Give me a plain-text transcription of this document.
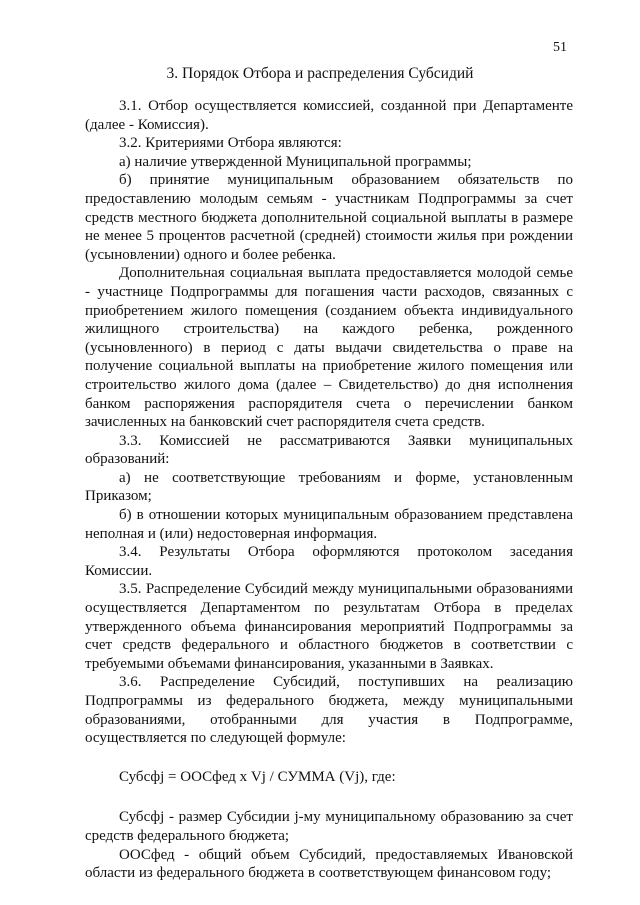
51
3. Порядок Отбора и распределения Субсидий

3.1. Отбор осуществляется комиссией, созданной при Департаменте (далее - Комиссия).

3.2. Критериями Отбора являются:

а) наличие утвержденной Муниципальной программы;

б) принятие муниципальным образованием обязательств по предоставлению молодым семьям - участникам Подпрограммы за счет средств местного бюджета дополнительной социальной выплаты в размере не менее 5 процентов расчетной (средней) стоимости жилья при рождении (усыновлении) одного и более ребенка.

Дополнительная социальная выплата предоставляется молодой семье - участнице Подпрограммы для погашения части расходов, связанных с приобретением жилого помещения (созданием объекта индивидуального жилищного строительства) на каждого ребенка, рожденного (усыновленного) в период с даты выдачи свидетельства о праве на получение социальной выплаты на приобретение жилого помещения или строительство жилого дома (далее – Свидетельство) до дня исполнения банком распоряжения распорядителя счета о перечислении банком зачисленных на банковский счет распорядителя счета средств.

3.3. Комиссией не рассматриваются Заявки муниципальных образований:

а) не соответствующие требованиям и форме, установленным Приказом;

б) в отношении которых муниципальным образованием представлена неполная и (или) недостоверная информация.

3.4. Результаты Отбора оформляются протоколом заседания Комиссии.

3.5. Распределение Субсидий между муниципальными образованиями осуществляется Департаментом по результатам Отбора в пределах утвержденного объема финансирования мероприятий Подпрограммы за счет средств федерального и областного бюджетов в соответствии с требуемыми объемами финансирования, указанными в Заявках.

3.6. Распределение Субсидий, поступивших на реализацию Подпрограммы из федерального бюджета, между муниципальными образованиями, отобранными для участия в Подпрограмме, осуществляется по следующей формуле:

Субсфj = ООСфед х Vj / СУММА (Vj), где:

Субсфj - размер Субсидии j-му муниципальному образованию за счет средств федерального бюджета;

ООСфед - общий объем Субсидий, предоставляемых Ивановской области из федерального бюджета в соответствующем финансовом году;
